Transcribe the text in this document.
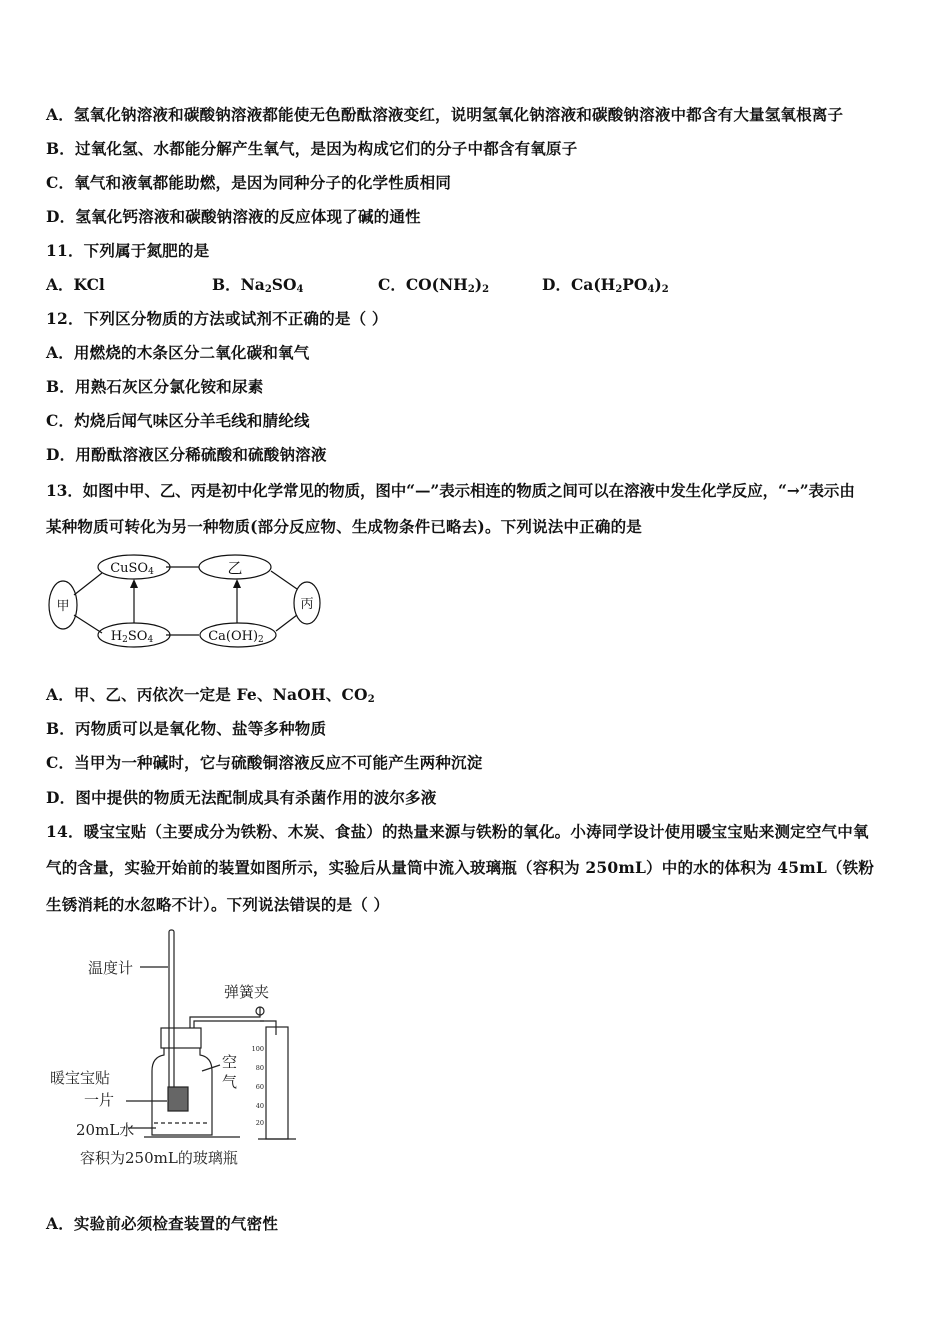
A．氢氧化钠溶液和碳酸钠溶液都能使无色酚酞溶液变红，说明氢氧化钠溶液和碳酸钠溶液中都含有大量氢氧根离子
B．过氧化氢、水都能分解产生氧气，是因为构成它们的分子中都含有氧原子
C．氧气和液氧都能助燃，是因为同种分子的化学性质相同
D．氢氧化钙溶液和碳酸钠溶液的反应体现了碱的通性
11．下列属于氮肥的是
A．KCl	B．$Na_2SO_4$	C．$CO(NH_2)_2$	D．$Ca(H_2PO_4)_2$
12．下列区分物质的方法或试剂不正确的是（ ）
A．用燃烧的木条区分二氧化碳和氧气
B．用熟石灰区分氯化铵和尿素
C．灼烧后闻气味区分羊毛线和腈纶线
D．用酚酞溶液区分稀硫酸和硫酸钠溶液
13．如图中甲、乙、丙是初中化学常见的物质，图中“—”表示相连的物质之间可以在溶液中发生化学反应，“→”表示由
某种物质可转化为另一种物质(部分反应物、生成物条件已略去)。下列说法中正确的是
甲
CuSO4	乙
H2SO4	Ca(OH)2
丙
A．甲、乙、丙依次一定是 Fe、NaOH、$CO_2$
B．丙物质可以是氧化物、盐等多种物质
C．当甲为一种碱时，它与硫酸铜溶液反应不可能产生两种沉淀
D．图中提供的物质无法配制成具有杀菌作用的波尔多液
14．暖宝宝贴（主要成分为铁粉、木炭、食盐）的热量来源与铁粉的氧化。小涛同学设计使用暖宝宝贴来测定空气中氧
气的含量，实验开始前的装置如图所示，实验后从量筒中流入玻璃瓶（容积为 250mL）中的水的体积为 45mL（铁粉
生锈消耗的水忽略不计）。下列说法错误的是（ ）
100
80
60
40
20
温度计
弹簧夹
空
气
暖宝宝贴
一片
20mL水
容积为250mL的玻璃瓶
A．实验前必须检查装置的气密性
